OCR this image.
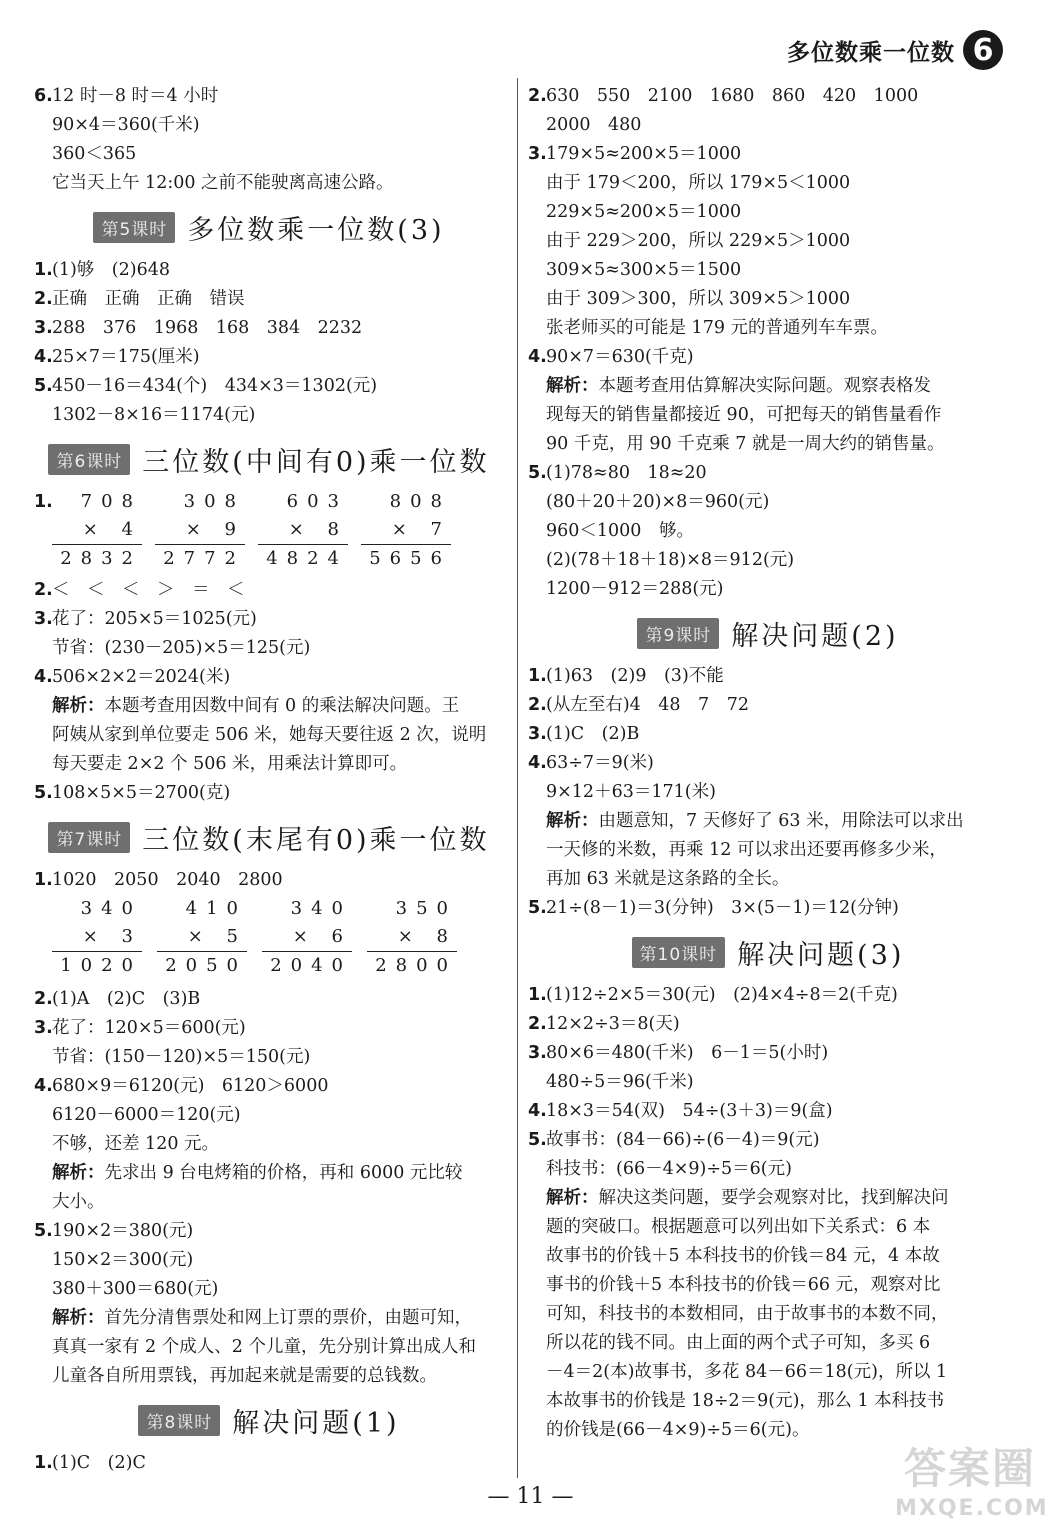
多位数乘一位数 6
6.12 时－8 时＝4 小时
90×4＝360(千米)
360＜365
它当天上午 12:00 之前不能驶离高速公路。
第5课时 多位数乘一位数(3)
1.(1)够　(2)648
2.正确　正确　正确　错误
3.288　376　1968　168　384　2232
4.25×7＝175(厘米)
5.450－16＝434(个)　434×3＝1302(元)
1302－8×16＝1174(元)
第6课时 三位数(中间有0)乘一位数
1.	708
× 4
2832
308
× 9
2772
603
× 8
4824
808
× 7
5656
2.＜　＜　＜　＞　＝　＜
3.花了：205×5＝1025(元)
节省：(230－205)×5＝125(元)
4.506×2×2＝2024(米)
解析：本题考查用因数中间有 0 的乘法解决问题。王
阿姨从家到单位要走 506 米，她每天要往返 2 次，说明
每天要走 2×2 个 506 米，用乘法计算即可。
5.108×5×5＝2700(克)
第7课时 三位数(末尾有0)乘一位数
1.1020　2050　2040　2800
340
× 3
1020
410
× 5
2050
340
× 6
2040
350
× 8
2800
2.(1)A　(2)C　(3)B
3.花了：120×5＝600(元)
节省：(150－120)×5＝150(元)
4.680×9＝6120(元)　6120＞6000
6120－6000＝120(元)
不够，还差 120 元。
解析：先求出 9 台电烤箱的价格，再和 6000 元比较
大小。
5.190×2＝380(元)
150×2＝300(元)
380＋300＝680(元)
解析：首先分清售票处和网上订票的票价，由题可知，
真真一家有 2 个成人、2 个儿童，先分别计算出成人和
儿童各自所用票钱，再加起来就是需要的总钱数。
第8课时 解决问题(1)
1.(1)C　(2)C
2.630　550　2100　1680　860　420　1000
2000　480
3.179×5≈200×5＝1000
由于 179＜200，所以 179×5＜1000
229×5≈200×5＝1000
由于 229＞200，所以 229×5＞1000
309×5≈300×5＝1500
由于 309＞300，所以 309×5＞1000
张老师买的可能是 179 元的普通列车车票。
4.90×7＝630(千克)
解析：本题考查用估算解决实际问题。观察表格发
现每天的销售量都接近 90，可把每天的销售量看作
90 千克，用 90 千克乘 7 就是一周大约的销售量。
5.(1)78≈80　18≈20
(80＋20＋20)×8＝960(元)
960＜1000　够。
(2)(78＋18＋18)×8＝912(元)
1200－912＝288(元)
第9课时 解决问题(2)
1.(1)63　(2)9　(3)不能
2.(从左至右)4　48　7　72
3.(1)C　(2)B
4.63÷7＝9(米)
9×12＋63＝171(米)
解析：由题意知，7 天修好了 63 米，用除法可以求出
一天修的米数，再乘 12 可以求出还要再修多少米，
再加 63 米就是这条路的全长。
5.21÷(8－1)＝3(分钟)　3×(5－1)＝12(分钟)
第10课时 解决问题(3)
1.(1)12÷2×5＝30(元)　(2)4×4÷8＝2(千克)
2.12×2÷3＝8(天)
3.80×6＝480(千米)　6－1＝5(小时)
480÷5＝96(千米)
4.18×3＝54(双)　54÷(3＋3)＝9(盒)
5.故事书：(84－66)÷(6－4)＝9(元)
科技书：(66－4×9)÷5＝6(元)
解析：解决这类问题，要学会观察对比，找到解决问
题的突破口。根据题意可以列出如下关系式：6 本
故事书的价钱＋5 本科技书的价钱＝84 元，4 本故
事书的价钱＋5 本科技书的价钱＝66 元，观察对比
可知，科技书的本数相同，由于故事书的本数不同，
所以花的钱不同。由上面的两个式子可知，多买 6
－4＝2(本)故事书，多花 84－66＝18(元)，所以 1
本故事书的价钱是 18÷2＝9(元)，那么 1 本科技书
的价钱是(66－4×9)÷5＝6(元)。
— 11 —
答案圈
MXQE.COM
